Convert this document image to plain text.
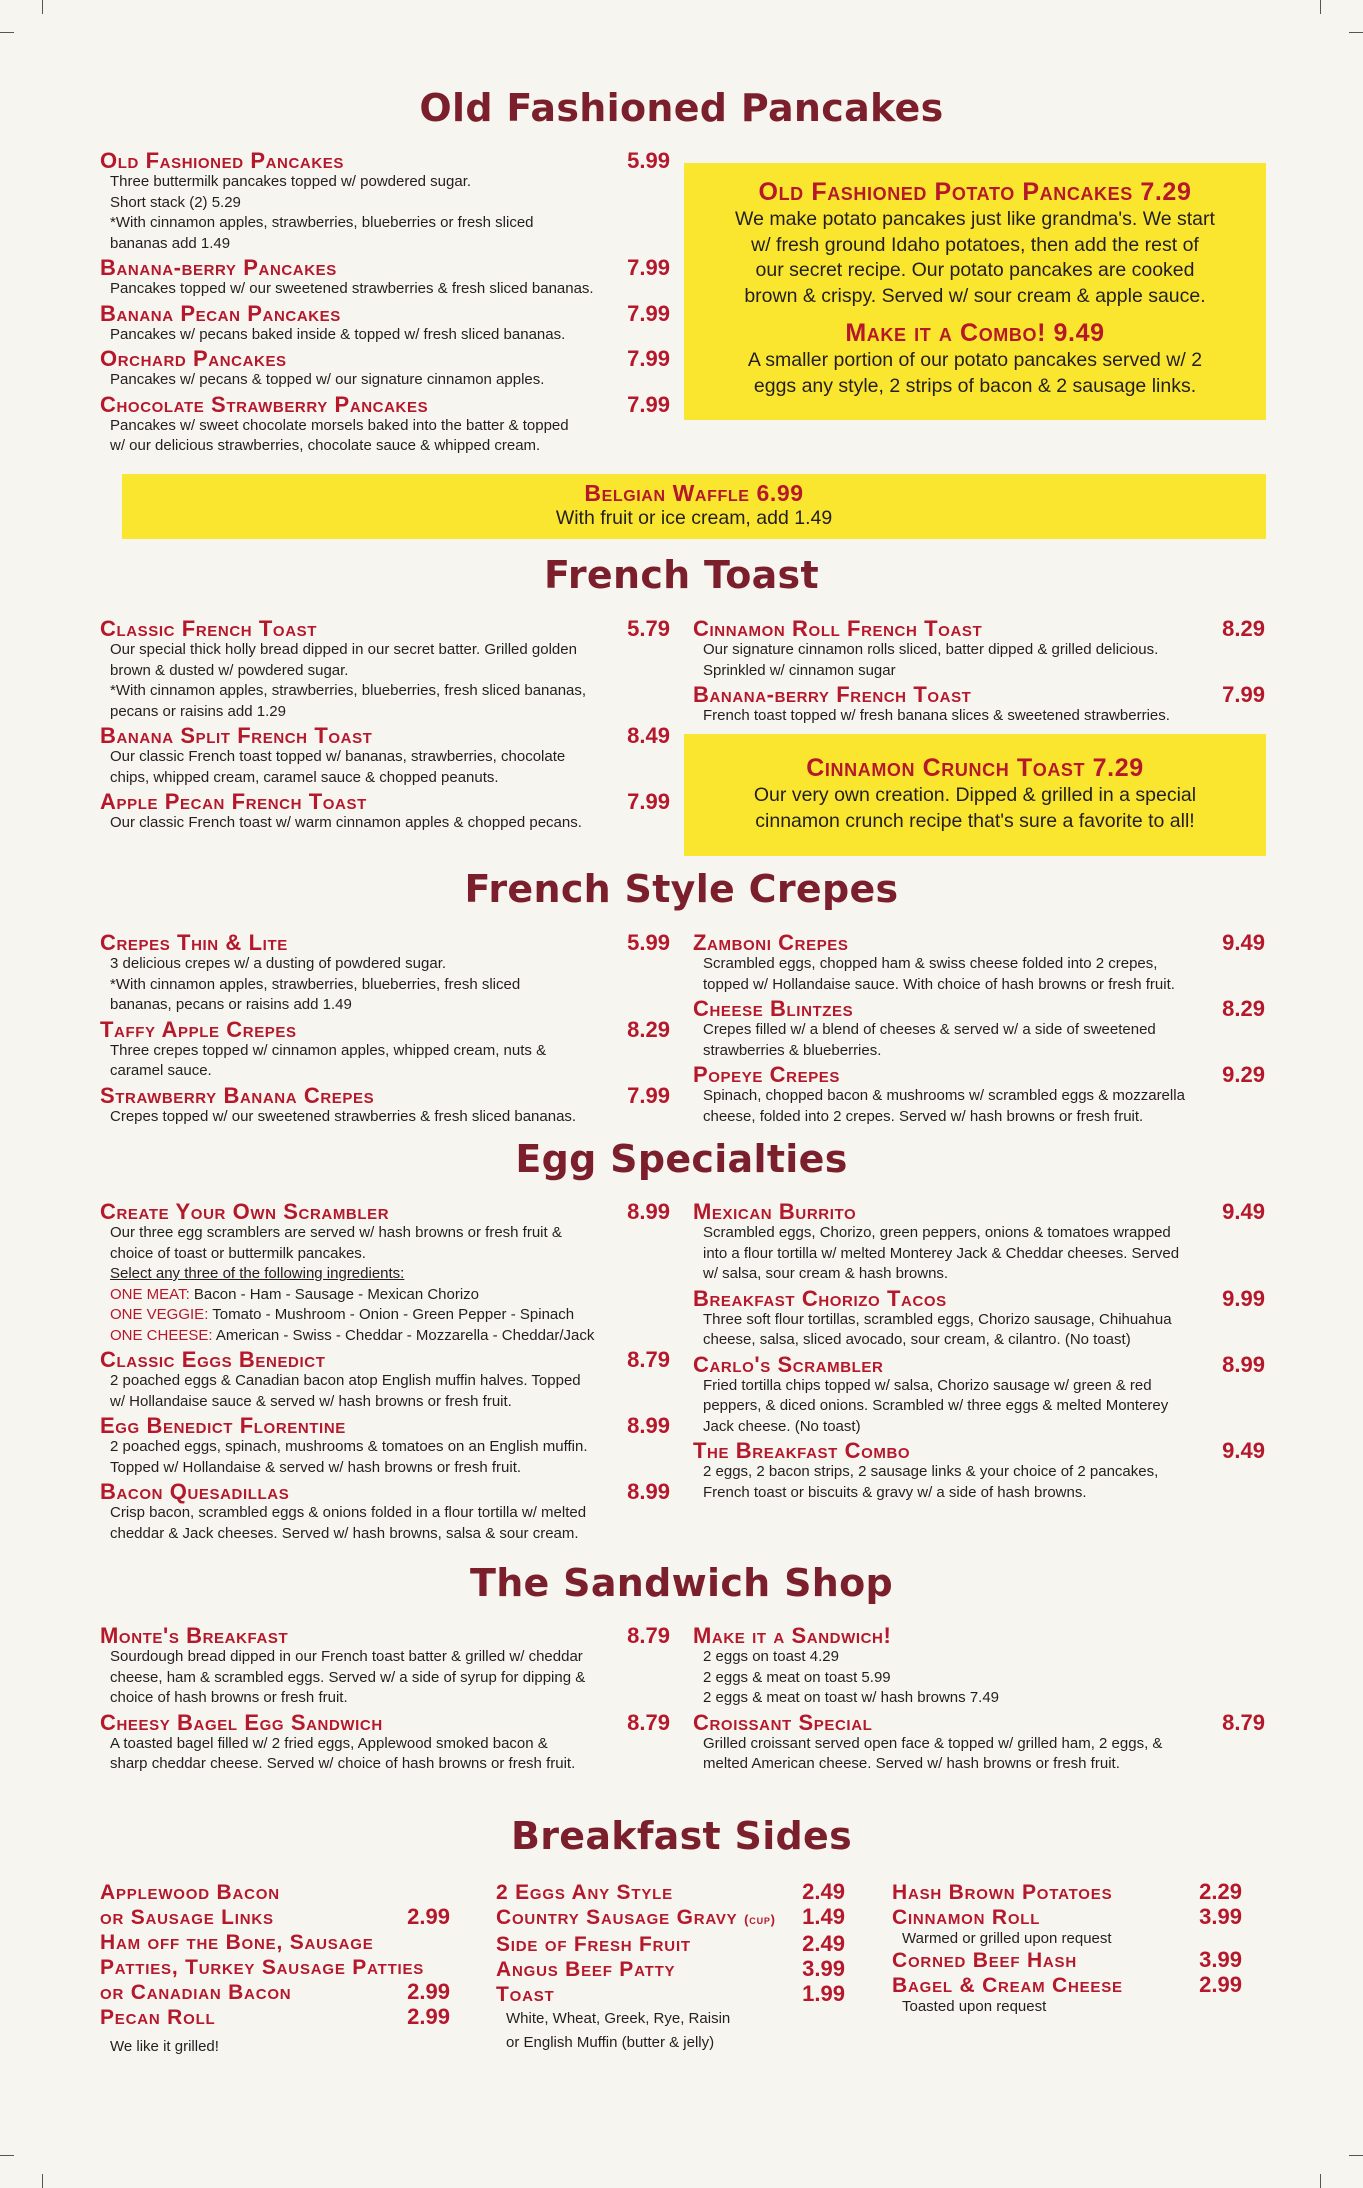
Old Fashioned Pancakes
Old Fashioned Pancakes	5.99
Three buttermilk pancakes topped w/ powdered sugar.
Short stack (2) 5.29
*With cinnamon apples, strawberries, blueberries or fresh sliced
bananas add 1.49
Banana-berry Pancakes	7.99
Pancakes topped w/ our sweetened strawberries & fresh sliced bananas.
Banana Pecan Pancakes	7.99
Pancakes w/ pecans baked inside & topped w/ fresh sliced bananas.
Orchard Pancakes	7.99
Pancakes w/ pecans & topped w/ our signature cinnamon apples.
Chocolate Strawberry Pancakes	7.99
Pancakes w/ sweet chocolate morsels baked into the batter & topped
w/ our delicious strawberries, chocolate sauce & whipped cream.
Old Fashioned Potato Pancakes 7.29
We make potato pancakes just like grandma's. We start
w/ fresh ground Idaho potatoes, then add the rest of
our secret recipe. Our potato pancakes are cooked
brown & crispy. Served w/ sour cream & apple sauce.
Make it a Combo! 9.49
A smaller portion of our potato pancakes served w/ 2
eggs any style, 2 strips of bacon & 2 sausage links.
Belgian Waffle 6.99
With fruit or ice cream, add 1.49
French Toast
Classic French Toast	5.79
Our special thick holly bread dipped in our secret batter. Grilled golden
brown & dusted w/ powdered sugar.
*With cinnamon apples, strawberries, blueberries, fresh sliced bananas,
pecans or raisins add 1.29
Banana Split French Toast	8.49
Our classic French toast topped w/ bananas, strawberries, chocolate
chips, whipped cream, caramel sauce & chopped peanuts.
Apple Pecan French Toast	7.99
Our classic French toast w/ warm cinnamon apples & chopped pecans.
Cinnamon Roll French Toast	8.29
Our signature cinnamon rolls sliced, batter dipped & grilled delicious.
Sprinkled w/ cinnamon sugar
Banana-berry French Toast	7.99
French toast topped w/ fresh banana slices & sweetened strawberries.
Cinnamon Crunch Toast 7.29
Our very own creation. Dipped & grilled in a special
cinnamon crunch recipe that's sure a favorite to all!
French Style Crepes
Crepes Thin & Lite	5.99
3 delicious crepes w/ a dusting of powdered sugar.
*With cinnamon apples, strawberries, blueberries, fresh sliced
bananas, pecans or raisins add 1.49
Taffy Apple Crepes	8.29
Three crepes topped w/ cinnamon apples, whipped cream, nuts &
caramel sauce.
Strawberry Banana Crepes	7.99
Crepes topped w/ our sweetened strawberries & fresh sliced bananas.
Zamboni Crepes	9.49
Scrambled eggs, chopped ham & swiss cheese folded into 2 crepes,
topped w/ Hollandaise sauce. With choice of hash browns or fresh fruit.
Cheese Blintzes	8.29
Crepes filled w/ a blend of cheeses & served w/ a side of sweetened
strawberries & blueberries.
Popeye Crepes	9.29
Spinach, chopped bacon & mushrooms w/ scrambled eggs & mozzarella
cheese, folded into 2 crepes. Served w/ hash browns or fresh fruit.
Egg Specialties
Create Your Own Scrambler	8.99
Our three egg scramblers are served w/ hash browns or fresh fruit &
choice of toast or buttermilk pancakes.
Select any three of the following ingredients:
ONE MEAT: Bacon - Ham - Sausage - Mexican Chorizo
ONE VEGGIE: Tomato - Mushroom - Onion - Green Pepper - Spinach
ONE CHEESE: American - Swiss - Cheddar - Mozzarella - Cheddar/Jack
Classic Eggs Benedict	8.79
2 poached eggs & Canadian bacon atop English muffin halves. Topped
w/ Hollandaise sauce & served w/ hash browns or fresh fruit.
Egg Benedict Florentine	8.99
2 poached eggs, spinach, mushrooms & tomatoes on an English muffin.
Topped w/ Hollandaise & served w/ hash browns or fresh fruit.
Bacon Quesadillas	8.99
Crisp bacon, scrambled eggs & onions folded in a flour tortilla w/ melted
cheddar & Jack cheeses. Served w/ hash browns, salsa & sour cream.
Mexican Burrito	9.49
Scrambled eggs, Chorizo, green peppers, onions & tomatoes wrapped
into a flour tortilla w/ melted Monterey Jack & Cheddar cheeses. Served
w/ salsa, sour cream & hash browns.
Breakfast Chorizo Tacos	9.99
Three soft flour tortillas, scrambled eggs, Chorizo sausage, Chihuahua
cheese, salsa, sliced avocado, sour cream, & cilantro. (No toast)
Carlo's Scrambler	8.99
Fried tortilla chips topped w/ salsa, Chorizo sausage w/ green & red
peppers, & diced onions. Scrambled w/ three eggs & melted Monterey
Jack cheese. (No toast)
The Breakfast Combo	9.49
2 eggs, 2 bacon strips, 2 sausage links & your choice of 2 pancakes,
French toast or biscuits & gravy w/ a side of hash browns.
The Sandwich Shop
Monte's Breakfast	8.79
Sourdough bread dipped in our French toast batter & grilled w/ cheddar
cheese, ham & scrambled eggs. Served w/ a side of syrup for dipping &
choice of hash browns or fresh fruit.
Cheesy Bagel Egg Sandwich	8.79
A toasted bagel filled w/ 2 fried eggs, Applewood smoked bacon &
sharp cheddar cheese. Served w/ choice of hash browns or fresh fruit.
Make it a Sandwich!
2 eggs on toast 4.29
2 eggs & meat on toast 5.99
2 eggs & meat on toast w/ hash browns 7.49
Croissant Special	8.79
Grilled croissant served open face & topped w/ grilled ham, 2 eggs, &
melted American cheese. Served w/ hash browns or fresh fruit.
Breakfast Sides
Applewood Bacon
or Sausage Links	2.99
Ham off the Bone, Sausage
Patties, Turkey Sausage Patties
or Canadian Bacon	2.99
Pecan Roll	2.99
We like it grilled!
2 Eggs Any Style	2.49
Country Sausage Gravy (cup) 1.49
Side of Fresh Fruit	2.49
Angus Beef Patty	3.99
Toast	1.99
White, Wheat, Greek, Rye, Raisin
or English Muffin (butter & jelly)
Hash Brown Potatoes	2.29
Cinnamon Roll	3.99
Warmed or grilled upon request
Corned Beef Hash	3.99
Bagel & Cream Cheese	2.99
Toasted upon request
